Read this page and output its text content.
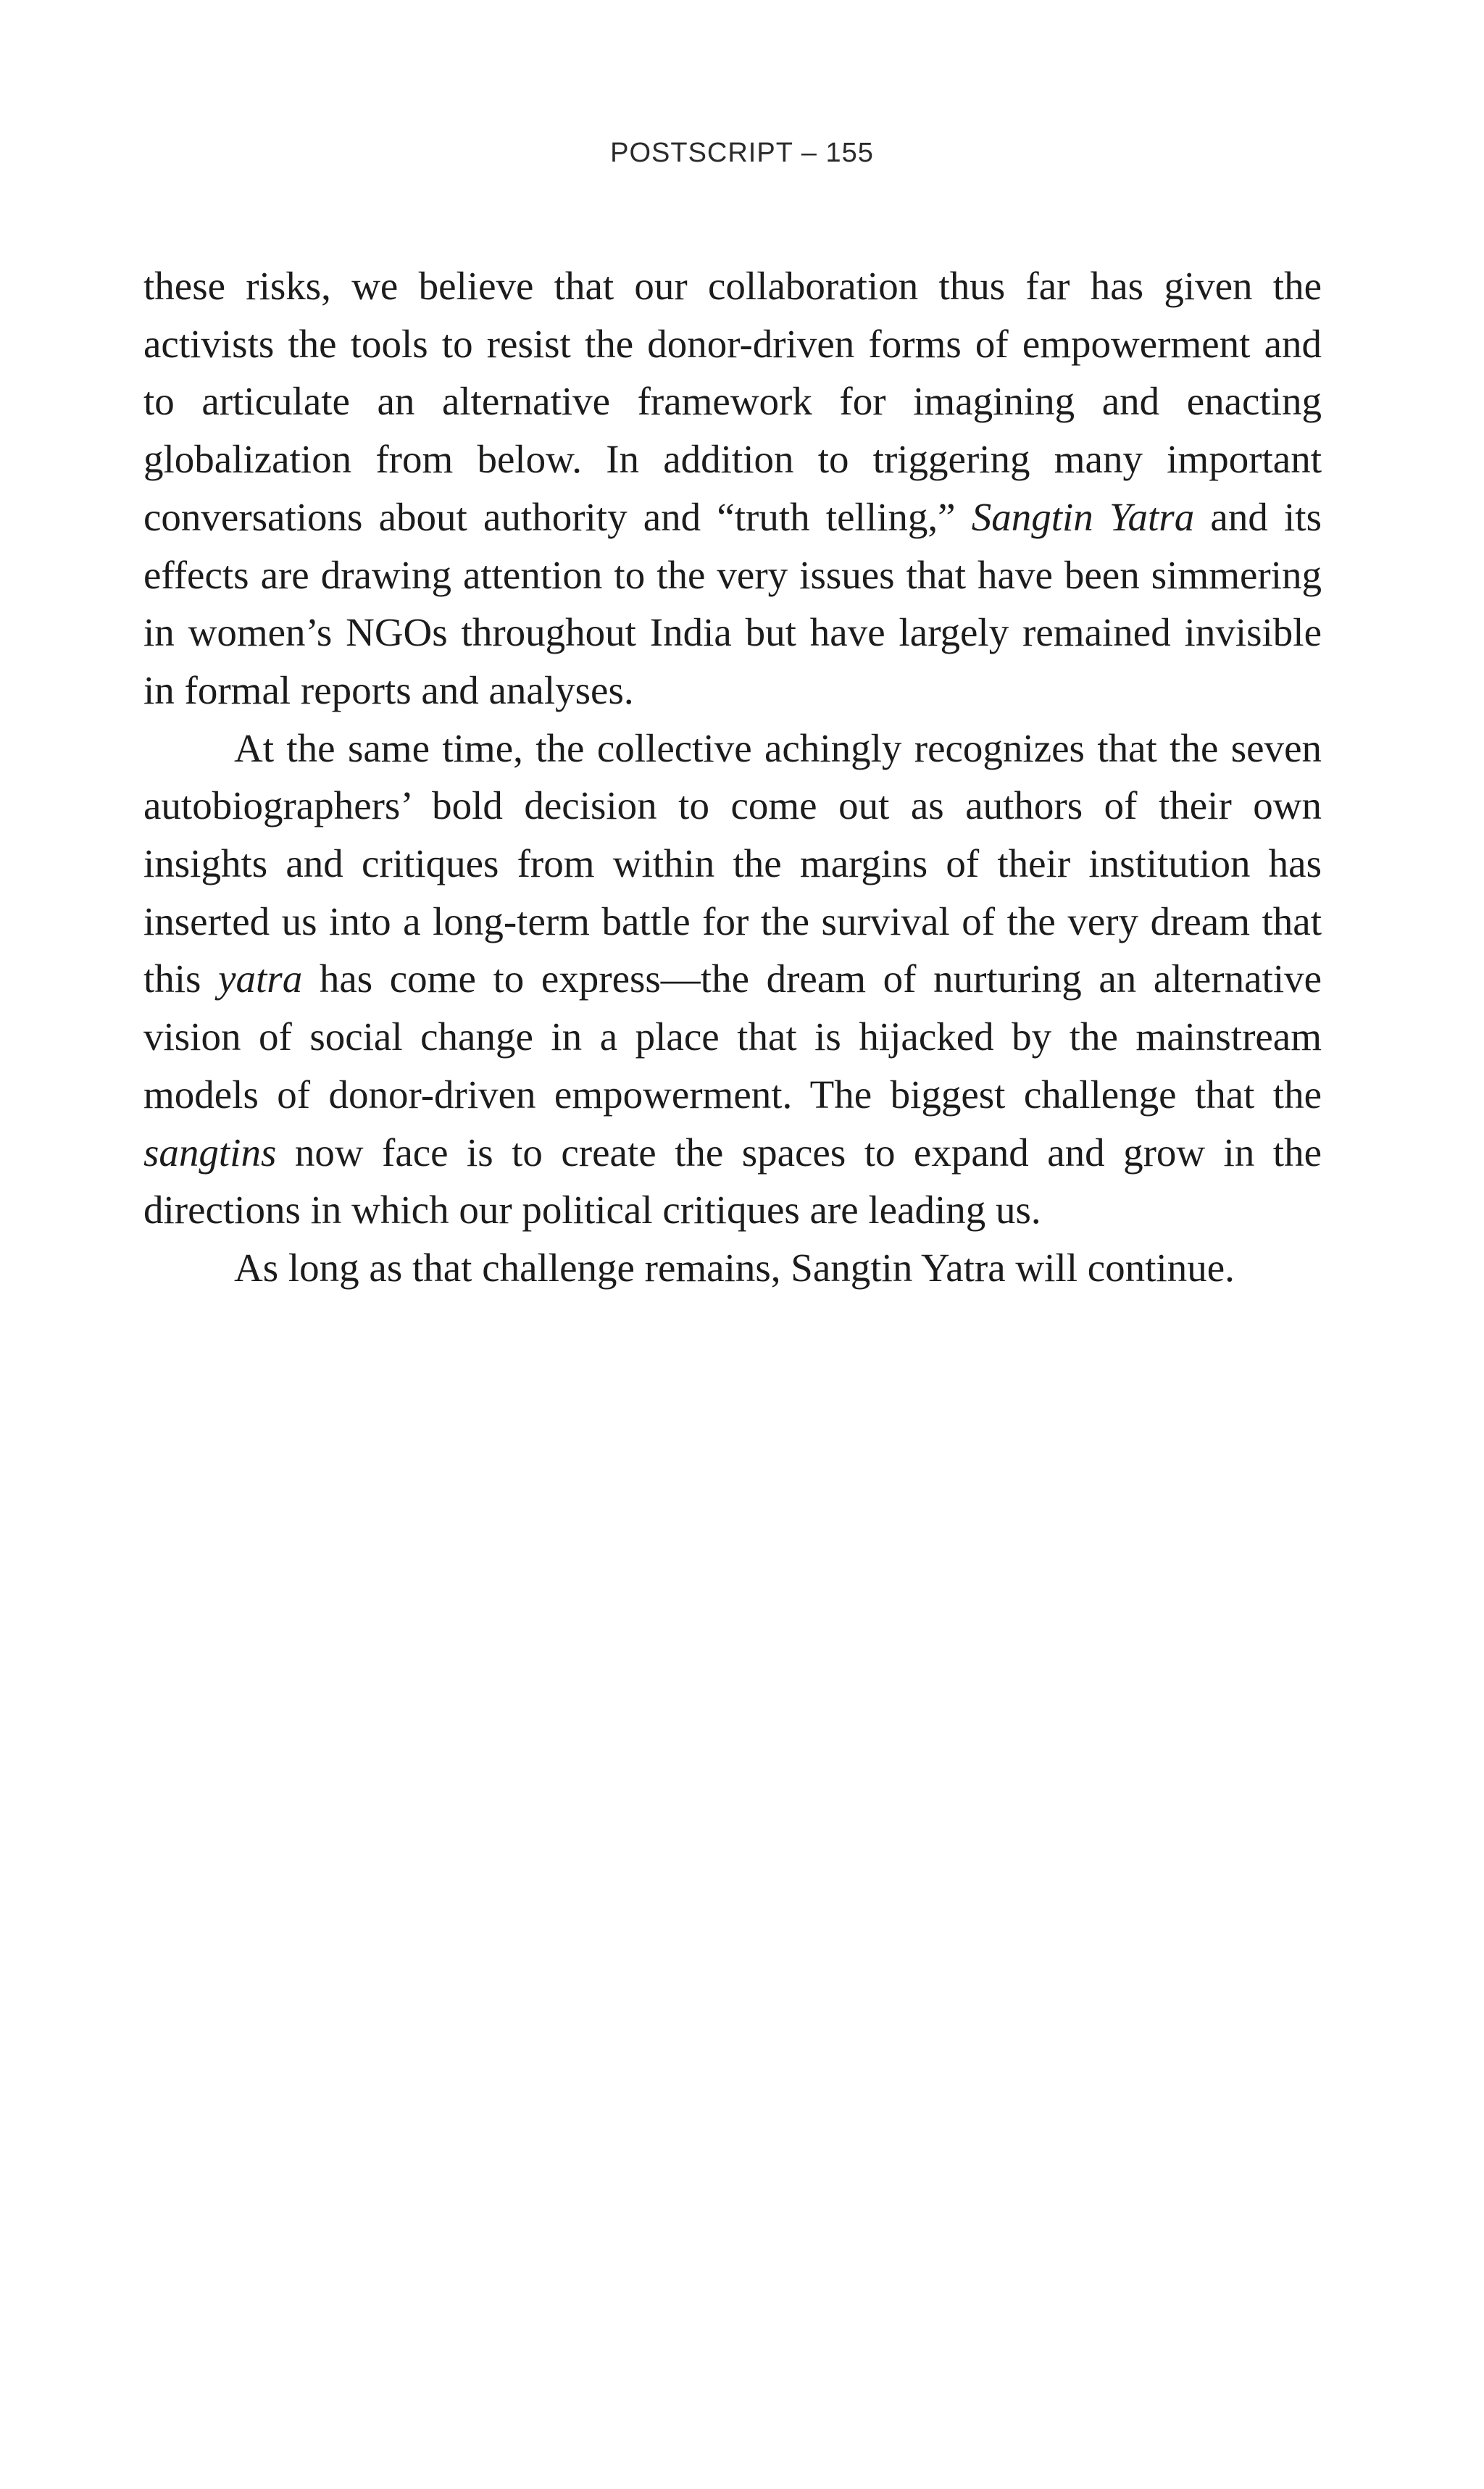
POSTSCRIPT – 155

these risks, we believe that our collaboration thus far has given the activists the tools to resist the donor-driven forms of empowerment and to articulate an alternative framework for imagining and enacting globalization from below. In addition to triggering many important conversations about authority and “truth telling,” Sangtin Yatra and its effects are drawing attention to the very issues that have been simmering in women’s NGOs throughout India but have largely remained invisible in formal reports and analyses.

At the same time, the collective achingly recognizes that the seven autobiographers’ bold decision to come out as authors of their own insights and critiques from within the margins of their institution has inserted us into a long-term battle for the survival of the very dream that this yatra has come to express—the dream of nurturing an alternative vision of social change in a place that is hijacked by the mainstream models of donor-driven empowerment. The biggest challenge that the sangtins now face is to create the spaces to expand and grow in the directions in which our political critiques are leading us.

As long as that challenge remains, Sangtin Yatra will continue.
